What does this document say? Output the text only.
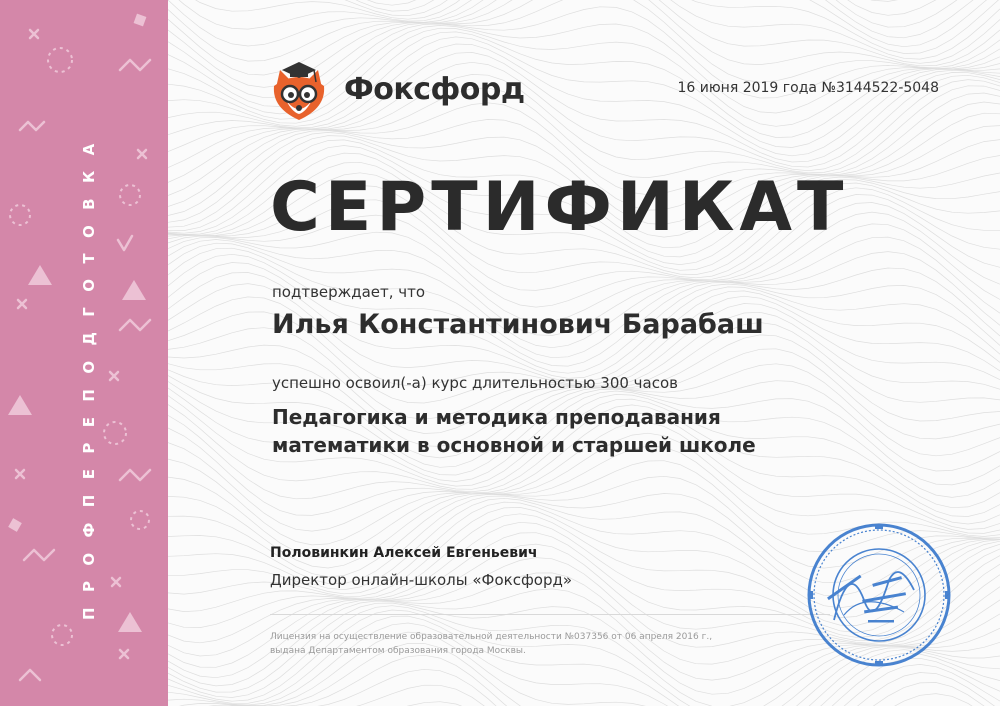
ПРОФПЕРЕПОДГОТОВКА
Фоксфорд	16 июня 2019 года №3144522-5048
СЕРТИФИКАТ
подтверждает, что
Илья Константинович Барабаш
успешно освоил(-а) курс длительностью 300 часов
Педагогика и методика преподавания
математики в основной и старшей школе
Половинкин Алексей Евгеньевич
Директор онлайн-школы «Фоксфорд»
Лицензия на осуществление образовательной деятельности №037356 от 06 апреля 2016 г.,
выдана Департаментом образования города Москвы.
